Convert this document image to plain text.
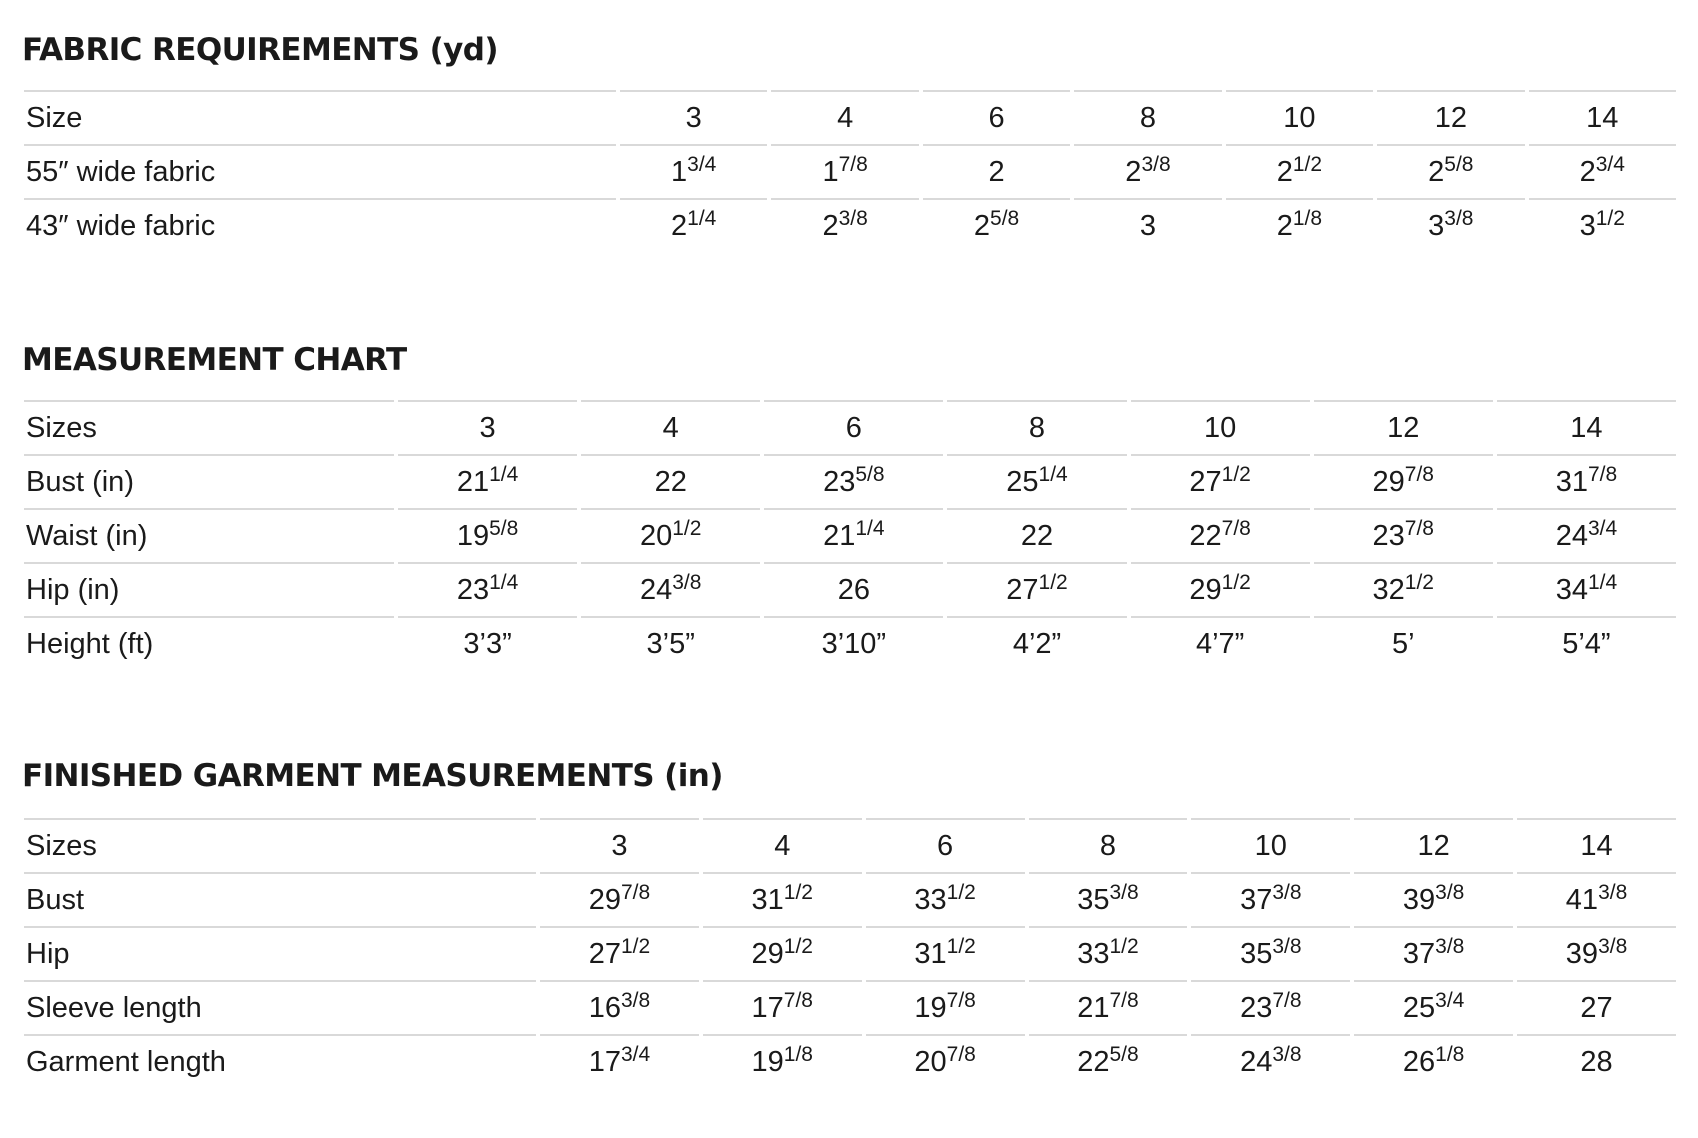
FABRIC REQUIREMENTS (yd)
Size	3	4	6	8	10	12	14
55″ wide fabric	$1^{3/4}$	$1^{7/8}$	2	$2^{3/8}$	$2^{1/2}$	$2^{5/8}$	$2^{3/4}$
43″ wide fabric	$2^{1/4}$	$2^{3/8}$	$2^{5/8}$	3	$2^{1/8}$	$3^{3/8}$	$3^{1/2}$
MEASUREMENT CHART
Sizes	3	4	6	8	10	12	14
Bust (in)	$21^{1/4}$	22	$23^{5/8}$	$25^{1/4}$	$27^{1/2}$	$29^{7/8}$	$31^{7/8}$
Waist (in)	$19^{5/8}$	$20^{1/2}$	$21^{1/4}$	22	$22^{7/8}$	$23^{7/8}$	$24^{3/4}$
Hip (in)	$23^{1/4}$	$24^{3/8}$	26	$27^{1/2}$	$29^{1/2}$	$32^{1/2}$	$34^{1/4}$
Height (ft)	3’3”	3’5”	3’10”	4’2”	4’7”	5’	5’4”
FINISHED GARMENT MEASUREMENTS (in)
Sizes	3	4	6	8	10	12	14
Bust	$29^{7/8}$	$31^{1/2}$	$33^{1/2}$	$35^{3/8}$	$37^{3/8}$	$39^{3/8}$	$41^{3/8}$
Hip	$27^{1/2}$	$29^{1/2}$	$31^{1/2}$	$33^{1/2}$	$35^{3/8}$	$37^{3/8}$	$39^{3/8}$
Sleeve length	$16^{3/8}$	$17^{7/8}$	$19^{7/8}$	$21^{7/8}$	$23^{7/8}$	$25^{3/4}$	27
Garment length	$17^{3/4}$	$19^{1/8}$	$20^{7/8}$	$22^{5/8}$	$24^{3/8}$	$26^{1/8}$	28
